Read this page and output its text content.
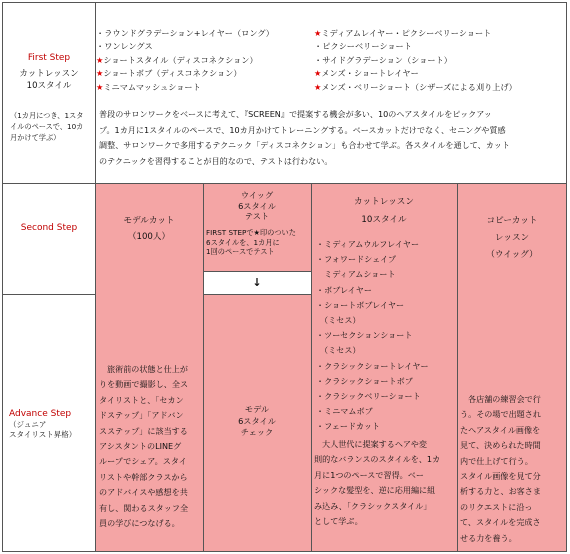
First Step
カットレッスン
10スタイル
（1カ月につき、1スタ
イルのペースで、10カ
月かけて学ぶ）
・ラウンドグラデーション+レイヤー（ロング）
・ワンレングス
★ショートスタイル（ディスコネクション）
★ショートボブ（ディスコネクション）
★ミニマムマッシュショート
★ミディアムレイヤー・ピクシーベリーショート
・ピクシーベリーショート
・サイドグラデーション（ショート）
★メンズ・ショートレイヤー
★メンズ・ベリーショート（シザーズによる刈り上げ）
普段のサロンワークをベースに考えて、『SCREEN』で提案する機会が多い、10のヘアスタイルをピックアッ
プ。1カ月に1スタイルのペースで、10カ月かけてトレーニングする。ベースカットだけでなく、セニングや質感
調整、サロンワークで多用するテクニック「ディスコネクション」も合わせて学ぶ。各スタイルを通して、カット
のテクニックを習得することが目的なので、テストは行わない。
Second Step
Advance Step
（ジュニア
スタイリスト昇格）
モデルカット
（100人）
ウイッグ
6スタイル
テスト
FIRST STEPで★印のついた
6スタイルを、1カ月に
1回のペースでテスト
↓
モデル
6スタイル
チェック
カットレッスン
10スタイル
・ミディアムウルフレイヤー
・フォワードシェイプ
　ミディアムショート
・ボブレイヤー
・ショートボブレイヤー
　（ミセス）
・ツーセクションショート
　（ミセス）
・クラシックショートレイヤー
・クラシックショートボブ
・クラシックベリーショート
・ミニマムボブ
・フェードカット
コピーカット
レッスン
（ウイッグ）
旅術前の状態と仕上が
りを動画で撮影し、全ス
タイリストと、「セカン
ドステップ」「アドバン
スステップ」に該当する
アシスタントのLINEグ
ループでシェア。スタイ
リストや幹部クラスから
のアドバイスや感想を共
有し、関わるスタッフ全
員の学びにつなげる。
大人世代に提案するヘアや変
則的なバランスのスタイルを、1カ
月に1つのペースで習得。ベー
シックな髪型を、逆に応用編に組
み込み、「クラシックスタイル」
として学ぶ。
各店舗の練習会で行
う。その場で出題され
たヘアスタイル画像を
見て、決められた時間
内で仕上げて行う。
スタイル画像を見て分
析する力と、お客さま
のリクエストに沿っ
て、スタイルを完成さ
せる力を養う。
